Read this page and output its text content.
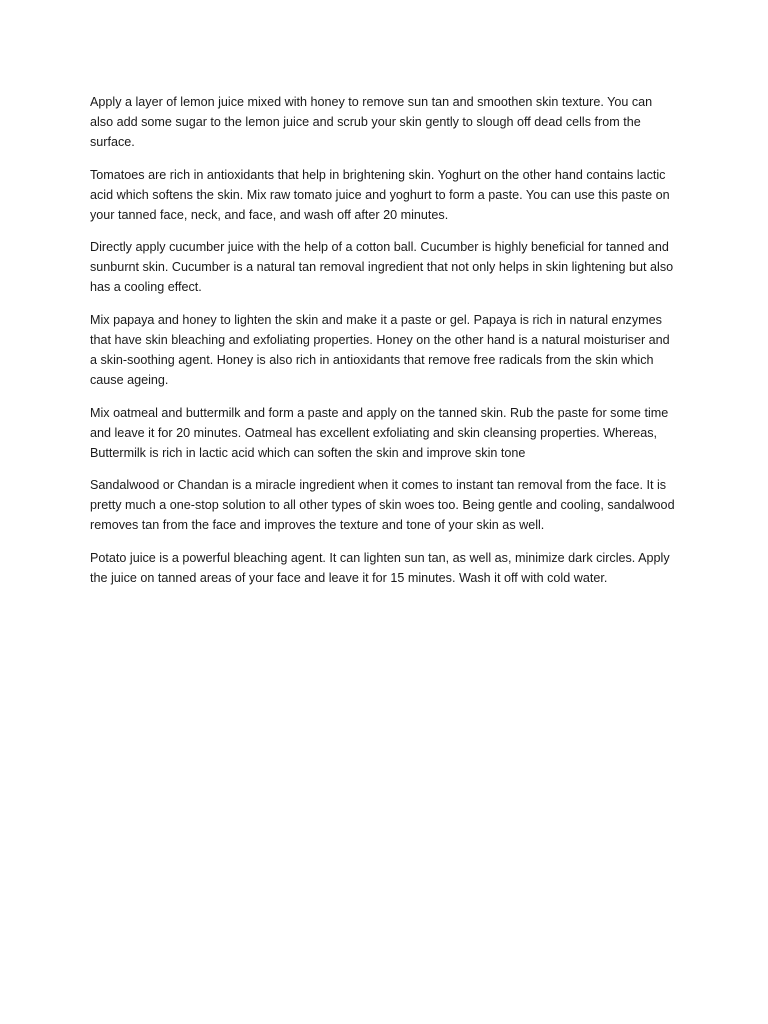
Apply a layer of lemon juice mixed with honey to remove sun tan and smoothen skin texture. You can also add some sugar to the lemon juice and scrub your skin gently to slough off dead cells from the surface.

Tomatoes are rich in antioxidants that help in brightening skin. Yoghurt on the other hand contains lactic acid which softens the skin. Mix raw tomato juice and yoghurt to form a paste. You can use this paste on your tanned face, neck, and face, and wash off after 20 minutes.

Directly apply cucumber juice with the help of a cotton ball. Cucumber is highly beneficial for tanned and sunburnt skin. Cucumber is a natural tan removal ingredient that not only helps in skin lightening but also has a cooling effect.

Mix papaya and honey to lighten the skin and make it a paste or gel. Papaya is rich in natural enzymes that have skin bleaching and exfoliating properties. Honey on the other hand is a natural moisturiser and a skin-soothing agent. Honey is also rich in antioxidants that remove free radicals from the skin which cause ageing.

Mix oatmeal and buttermilk and form a paste and apply on the tanned skin. Rub the paste for some time and leave it for 20 minutes. Oatmeal has excellent exfoliating and skin cleansing properties. Whereas, Buttermilk is rich in lactic acid which can soften the skin and improve skin tone

Sandalwood or Chandan is a miracle ingredient when it comes to instant tan removal from the face. It is pretty much a one-stop solution to all other types of skin woes too. Being gentle and cooling, sandalwood removes tan from the face and improves the texture and tone of your skin as well.

Potato juice is a powerful bleaching agent. It can lighten sun tan, as well as, minimize dark circles. Apply the juice on tanned areas of your face and leave it for 15 minutes. Wash it off with cold water.
